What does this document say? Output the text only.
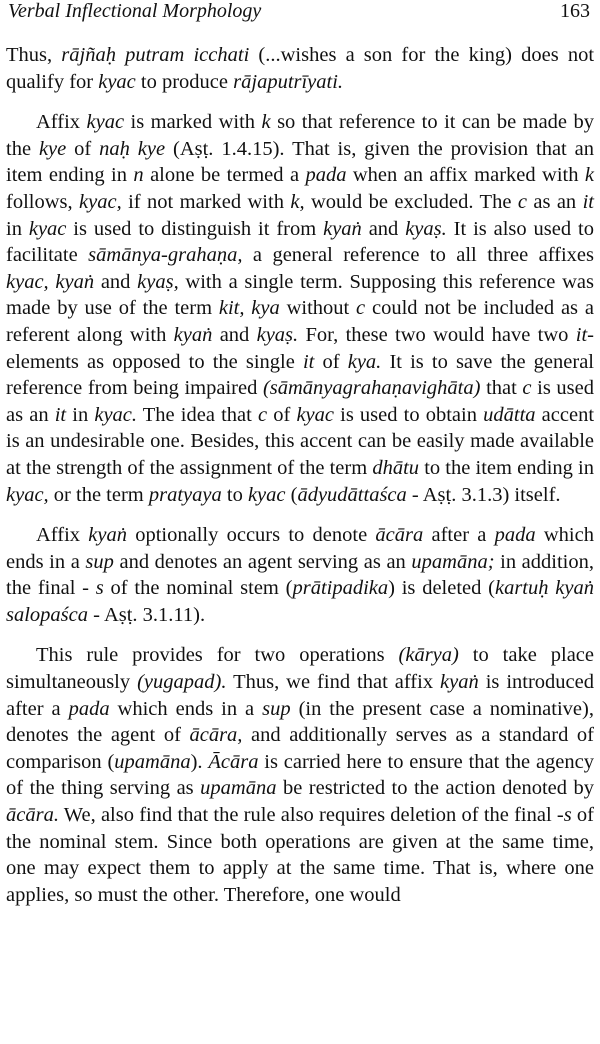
Verbal Inflectional Morphology	163

Thus, rājñaḥ putram icchati (...wishes a son for the king) does not qualify for kyac to produce rājaputrīyati.

Affix kyac is marked with k so that reference to it can be made by the kye of naḥ kye (Aṣṭ. 1.4.15). That is, given the provision that an item ending in n alone be termed a pada when an affix marked with k follows, kyac, if not marked with k, would be excluded. The c as an it in kyac is used to distinguish it from kyaṅ and kyaṣ. It is also used to facilitate sāmānya-grahaṇa, a general reference to all three affixes kyac, kyaṅ and kyaṣ, with a single term. Supposing this reference was made by use of the term kit, kya without c could not be included as a referent along with kyaṅ and kyaṣ. For, these two would have two it-elements as opposed to the single it of kya. It is to save the general reference from being impaired (sāmānyagrahaṇavighāta) that c is used as an it in kyac. The idea that c of kyac is used to obtain udātta accent is an undesirable one. Besides, this accent can be easily made available at the strength of the assignment of the term dhātu to the item ending in kyac, or the term pratyaya to kyac (ādyudāttaśca - Aṣṭ. 3.1.3) itself.

Affix kyaṅ optionally occurs to denote ācāra after a pada which ends in a sup and denotes an agent serving as an upamāna; in addition, the final - s of the nominal stem (prātipadika) is deleted (kartuḥ kyaṅ salopaśca - Aṣṭ. 3.1.11).

This rule provides for two operations (kārya) to take place simultaneously (yugapad). Thus, we find that affix kyaṅ is introduced after a pada which ends in a sup (in the present case a nominative), denotes the agent of ācāra, and additionally serves as a standard of comparison (upamāna). Ācāra is carried here to ensure that the agency of the thing serving as upamāna be restricted to the action denoted by ācāra. We, also find that the rule also requires deletion of the final -s of the nominal stem. Since both operations are given at the same time, one may expect them to apply at the same time. That is, where one applies, so must the other. Therefore, one would
